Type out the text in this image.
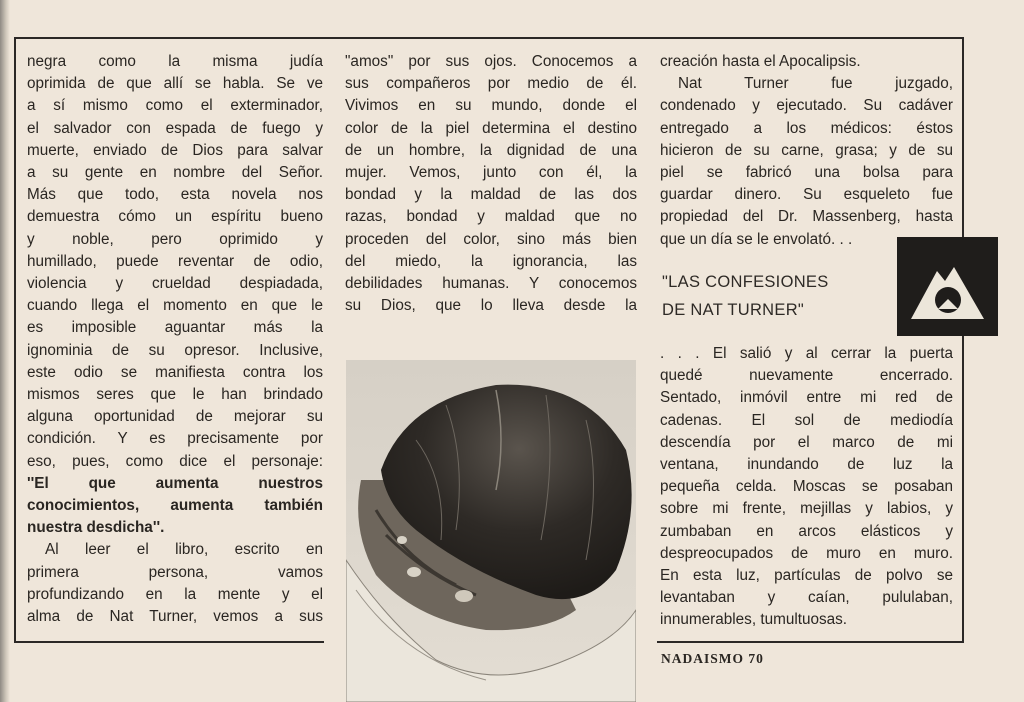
negra como la misma judía
oprimida de que allí se habla. Se ve
a sí mismo como el exterminador,
el salvador con espada de fuego y
muerte, enviado de Dios para salvar
a su gente en nombre del Señor.
Más que todo, esta novela nos
demuestra cómo un espíritu bueno
y noble, pero oprimido y
humillado, puede reventar de odio,
violencia y crueldad despiadada,
cuando llega el momento en que le
es imposible aguantar más la
ignominia de su opresor. Inclusive,
este odio se manifiesta contra los
mismos seres que le han brindado
alguna oportunidad de mejorar su
condición. Y es precisamente por
eso, pues, como dice el personaje:
''El que aumenta nuestros
conocimientos, aumenta también
nuestra desdicha''.
Al leer el libro, escrito en
primera persona, vamos
profundizando en la mente y el
alma de Nat Turner, vemos a sus
"amos" por sus ojos. Conocemos a
sus compañeros por medio de él.
Vivimos en su mundo, donde el
color de la piel determina el destino
de un hombre, la dignidad de una
mujer. Vemos, junto con él, la
bondad y la maldad de las dos
razas, bondad y maldad que no
proceden del color, sino más bien
del miedo, la ignorancia, las
debilidades humanas. Y conocemos
su Dios, que lo lleva desde la
creación hasta el Apocalipsis.
Nat Turner fue juzgado,
condenado y ejecutado. Su cadáver
entregado a los médicos: éstos
hicieron de su carne, grasa; y de su
piel se fabricó una bolsa para
guardar dinero. Su esqueleto fue
propiedad del Dr. Massenberg, hasta
que un día se le envolató. . .
"LAS CONFESIONES
DE NAT TURNER"
. . . El salió y al cerrar la puerta
quedé nuevamente encerrado.
Sentado, inmóvil entre mi red de
cadenas. El sol de mediodía
descendía por el marco de mi
ventana, inundando de luz la
pequeña celda. Moscas se posaban
sobre mi frente, mejillas y labios, y
zumbaban en arcos elásticos y
despreocupados de muro en muro.
En esta luz, partículas de polvo se
levantaban y caían, pululaban,
innumerables, tumultuosas.
NADAISMO 70
